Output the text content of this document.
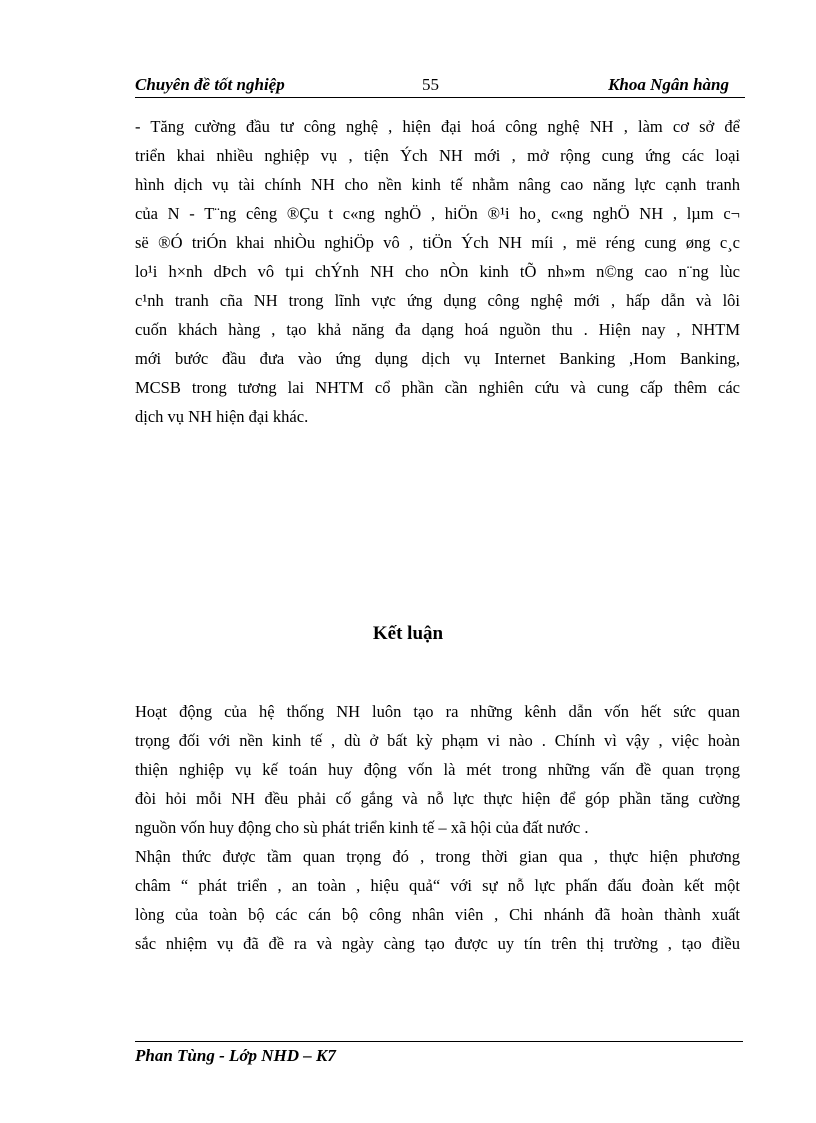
Chuyên đề tốt nghiệp	55	Khoa Ngân hàng
- Tăng cường đầu tư công nghệ , hiện đại hoá công nghệ NH , làm cơ sở để
triển khai nhiều nghiệp vụ , tiện Ých NH mới , mở rộng cung ứng các loại
hình dịch vụ tài chính NH cho nền kinh tế nhằm nâng cao năng lực cạnh tranh
của N - T¨ng cêng ®Çu t c«ng nghÖ , hiÖn ®¹i ho¸ c«ng nghÖ NH , lµm c¬
së ®Ó triÓn khai nhiÒu nghiÖp vô , tiÖn Ých NH míi , më réng cung øng c¸c
lo¹i h×nh dÞch vô tµi chÝnh NH cho nÒn kinh tÕ nh»m n©ng cao n¨ng lùc
c¹nh tranh cña NH trong lĩnh vực ứng dụng công nghệ mới , hấp dẫn và lôi
cuốn khách hàng , tạo khả năng đa dạng hoá nguồn thu . Hiện nay , NHTM
mới bước đầu đưa vào ứng dụng dịch vụ Internet Banking ,Hom Banking,
MCSB trong tương lai NHTM cổ phần cần nghiên cứu và cung cấp thêm các
dịch vụ NH hiện đại khác.
Kết luận
Hoạt động của hệ thống NH luôn tạo ra những kênh dẫn vốn hết sức quan
trọng đối với nền kinh tế , dù ở bất kỳ phạm vi nào . Chính vì vậy , việc hoàn
thiện nghiệp vụ kế toán huy động vốn là mét trong những vấn đề quan trọng
đòi hỏi mỗi NH đều phải cố gắng và nỗ lực thực hiện để góp phần tăng cường
nguồn vốn huy động cho sù phát triển kinh tế – xã hội của đất nước .
Nhận thức được tầm quan trọng đó , trong thời gian qua , thực hiện phương
châm “ phát triển , an toàn , hiệu quả“ với sự nỗ lực phấn đấu đoàn kết một
lòng của toàn bộ các cán bộ công nhân viên , Chi nhánh đã hoàn thành xuất
sắc nhiệm vụ đã đề ra và ngày càng tạo được uy tín trên thị trường , tạo điều
Phan Tùng - Lớp NHD – K7
